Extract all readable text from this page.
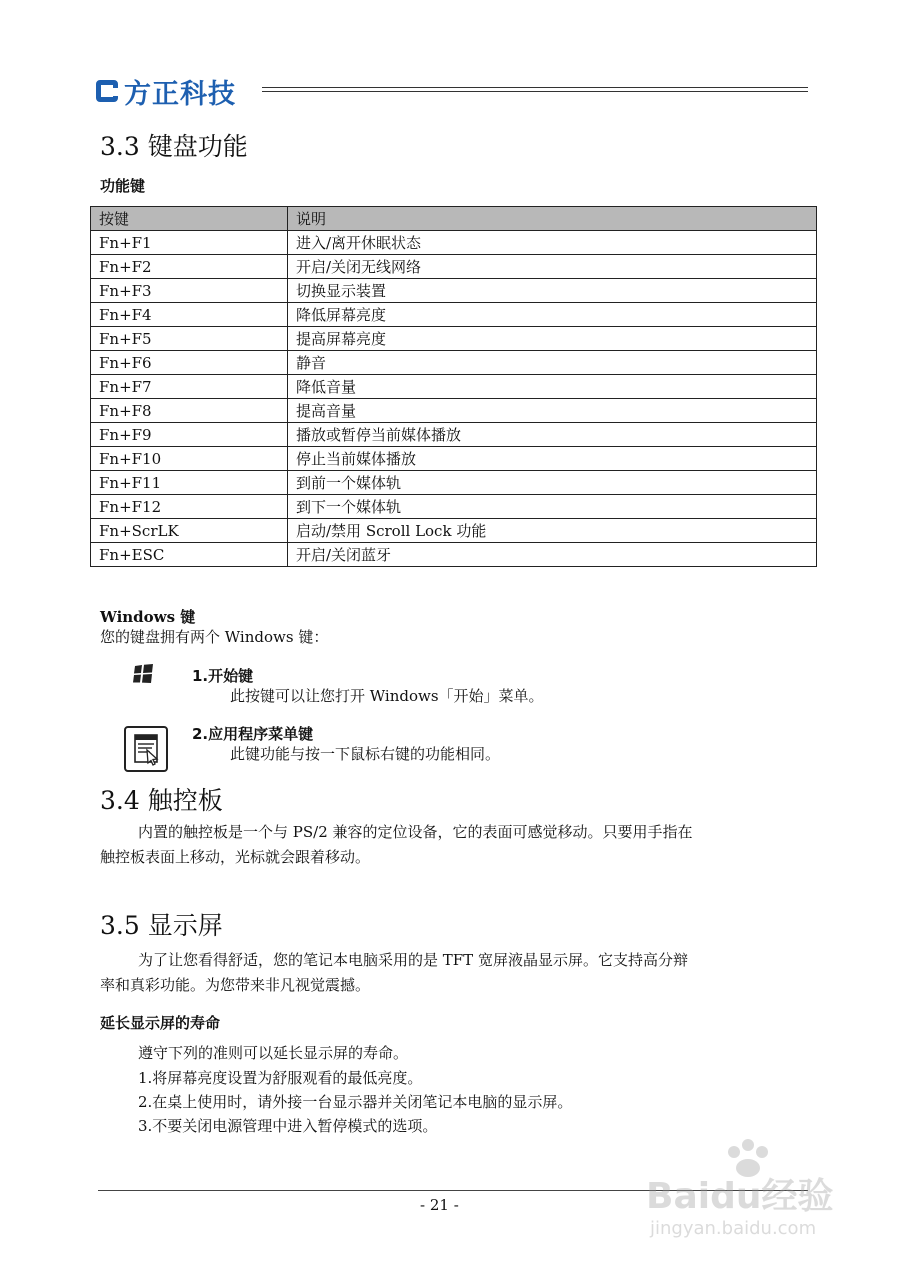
方正科技
3.3 键盘功能
功能键
按键	说明
Fn+F1	进入/离开休眠状态
Fn+F2	开启/关闭无线网络
Fn+F3	切换显示装置
Fn+F4	降低屏幕亮度
Fn+F5	提高屏幕亮度
Fn+F6	静音
Fn+F7	降低音量
Fn+F8	提高音量
Fn+F9	播放或暂停当前媒体播放
Fn+F10	停止当前媒体播放
Fn+F11	到前一个媒体轨
Fn+F12	到下一个媒体轨
Fn+ScrLK	启动/禁用 Scroll Lock 功能
Fn+ESC	开启/关闭蓝牙
Windows 键
您的键盘拥有两个 Windows 键：
1.开始键
此按键可以让您打开 Windows「开始」菜单。
2.应用程序菜单键
此键功能与按一下鼠标右键的功能相同。
3.4 触控板
内置的触控板是一个与 PS/2 兼容的定位设备，它的表面可感觉移动。只要用手指在
触控板表面上移动，光标就会跟着移动。
3.5 显示屏
为了让您看得舒适，您的笔记本电脑采用的是 TFT 宽屏液晶显示屏。它支持高分辩
率和真彩功能。为您带来非凡视觉震撼。
延长显示屏的寿命
遵守下列的准则可以延长显示屏的寿命。
1.将屏幕亮度设置为舒服观看的最低亮度。
2.在桌上使用时，请外接一台显示器并关闭笔记本电脑的显示屏。
3.不要关闭电源管理中进入暂停模式的选项。
- 21 -	Baidu经验
jingyan.baidu.com
